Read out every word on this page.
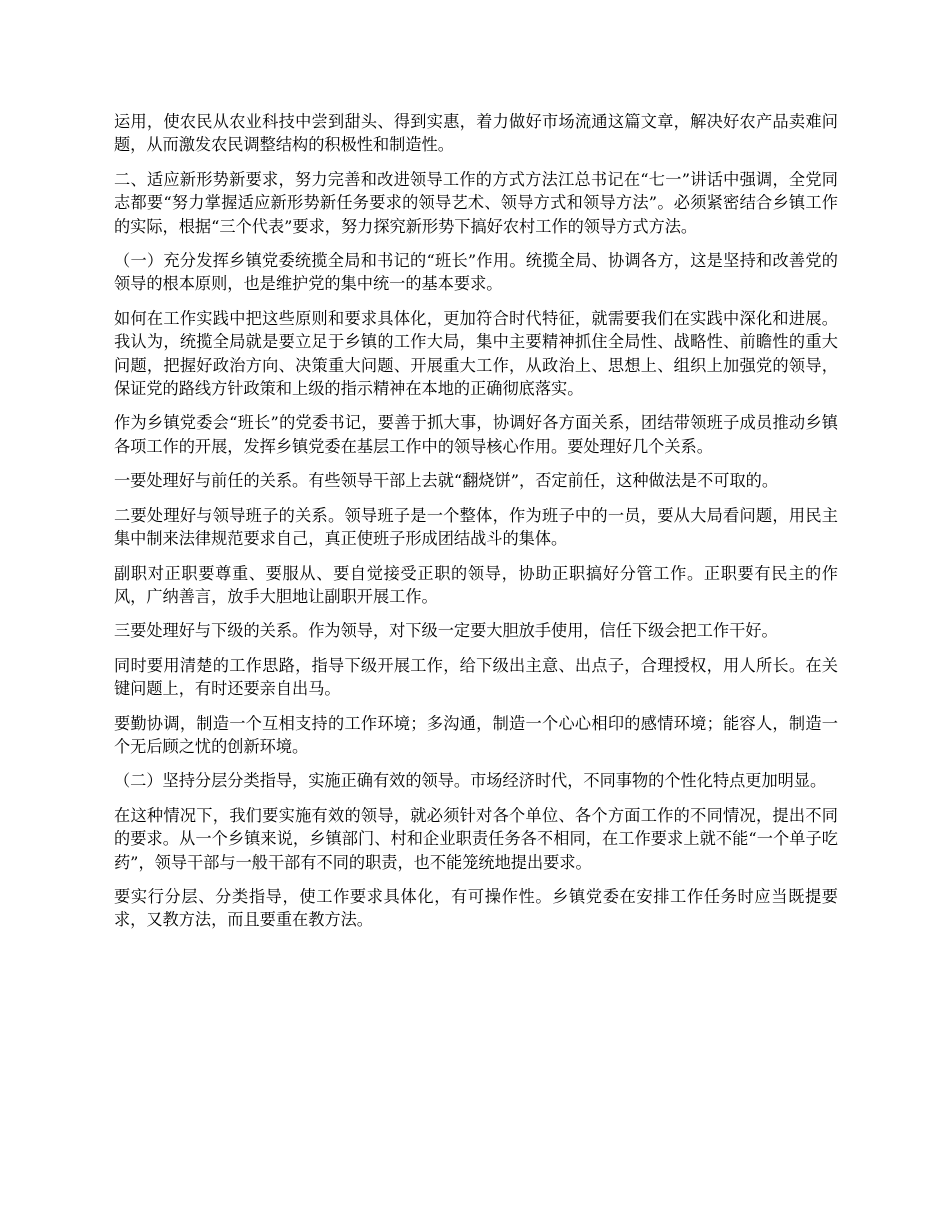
运用，使农民从农业科技中尝到甜头、得到实惠，着力做好市场流通这篇文章，解决好农产品卖难问题，从而激发农民调整结构的积极性和制造性。

二、适应新形势新要求，努力完善和改进领导工作的方式方法江总书记在“七一”讲话中强调，全党同志都要“努力掌握适应新形势新任务要求的领导艺术、领导方式和领导方法”。必须紧密结合乡镇工作的实际，根据“三个代表”要求，努力探究新形势下搞好农村工作的领导方式方法。

（一）充分发挥乡镇党委统揽全局和书记的“班长”作用。统揽全局、协调各方，这是坚持和改善党的领导的根本原则，也是维护党的集中统一的基本要求。

如何在工作实践中把这些原则和要求具体化，更加符合时代特征，就需要我们在实践中深化和进展。我认为，统揽全局就是要立足于乡镇的工作大局，集中主要精神抓住全局性、战略性、前瞻性的重大问题，把握好政治方向、决策重大问题、开展重大工作，从政治上、思想上、组织上加强党的领导，保证党的路线方针政策和上级的指示精神在本地的正确彻底落实。

作为乡镇党委会“班长”的党委书记，要善于抓大事，协调好各方面关系，团结带领班子成员推动乡镇各项工作的开展，发挥乡镇党委在基层工作中的领导核心作用。要处理好几个关系。

一要处理好与前任的关系。有些领导干部上去就“翻烧饼”，否定前任，这种做法是不可取的。

二要处理好与领导班子的关系。领导班子是一个整体，作为班子中的一员，要从大局看问题，用民主集中制来法律规范要求自己，真正使班子形成团结战斗的集体。

副职对正职要尊重、要服从、要自觉接受正职的领导，协助正职搞好分管工作。正职要有民主的作风，广纳善言，放手大胆地让副职开展工作。

三要处理好与下级的关系。作为领导，对下级一定要大胆放手使用，信任下级会把工作干好。

同时要用清楚的工作思路，指导下级开展工作，给下级出主意、出点子，合理授权，用人所长。在关键问题上，有时还要亲自出马。

要勤协调，制造一个互相支持的工作环境；多沟通，制造一个心心相印的感情环境；能容人，制造一个无后顾之忧的创新环境。

（二）坚持分层分类指导，实施正确有效的领导。市场经济时代，不同事物的个性化特点更加明显。

在这种情况下，我们要实施有效的领导，就必须针对各个单位、各个方面工作的不同情况，提出不同的要求。从一个乡镇来说，乡镇部门、村和企业职责任务各不相同，在工作要求上就不能“一个单子吃药”，领导干部与一般干部有不同的职责，也不能笼统地提出要求。

要实行分层、分类指导，使工作要求具体化，有可操作性。乡镇党委在安排工作任务时应当既提要求，又教方法，而且要重在教方法。
